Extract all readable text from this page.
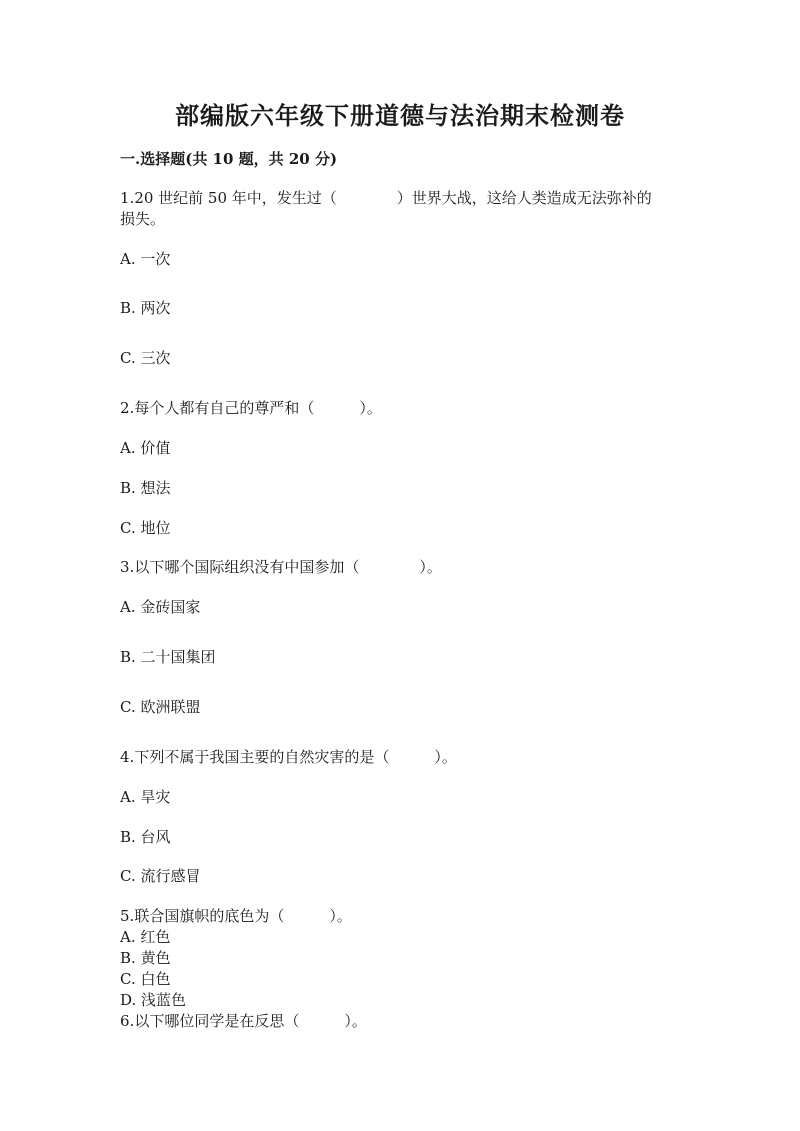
部编版六年级下册道德与法治期末检测卷
一.选择题(共 10 题，共 20 分)
1.20 世纪前 50 年中，发生过（　　　　）世界大战，这给人类造成无法弥补的
损失。
A. 一次
B. 两次
C. 三次
2.每个人都有自己的尊严和（　　　）。
A. 价值
B. 想法
C. 地位
3.以下哪个国际组织没有中国参加（　　　　）。
A. 金砖国家
B. 二十国集团
C. 欧洲联盟
4.下列不属于我国主要的自然灾害的是（　　　）。
A. 旱灾
B. 台风
C. 流行感冒
5.联合国旗帜的底色为（　　　）。
A. 红色
B. 黄色
C. 白色
D. 浅蓝色
6.以下哪位同学是在反思（　　　）。
